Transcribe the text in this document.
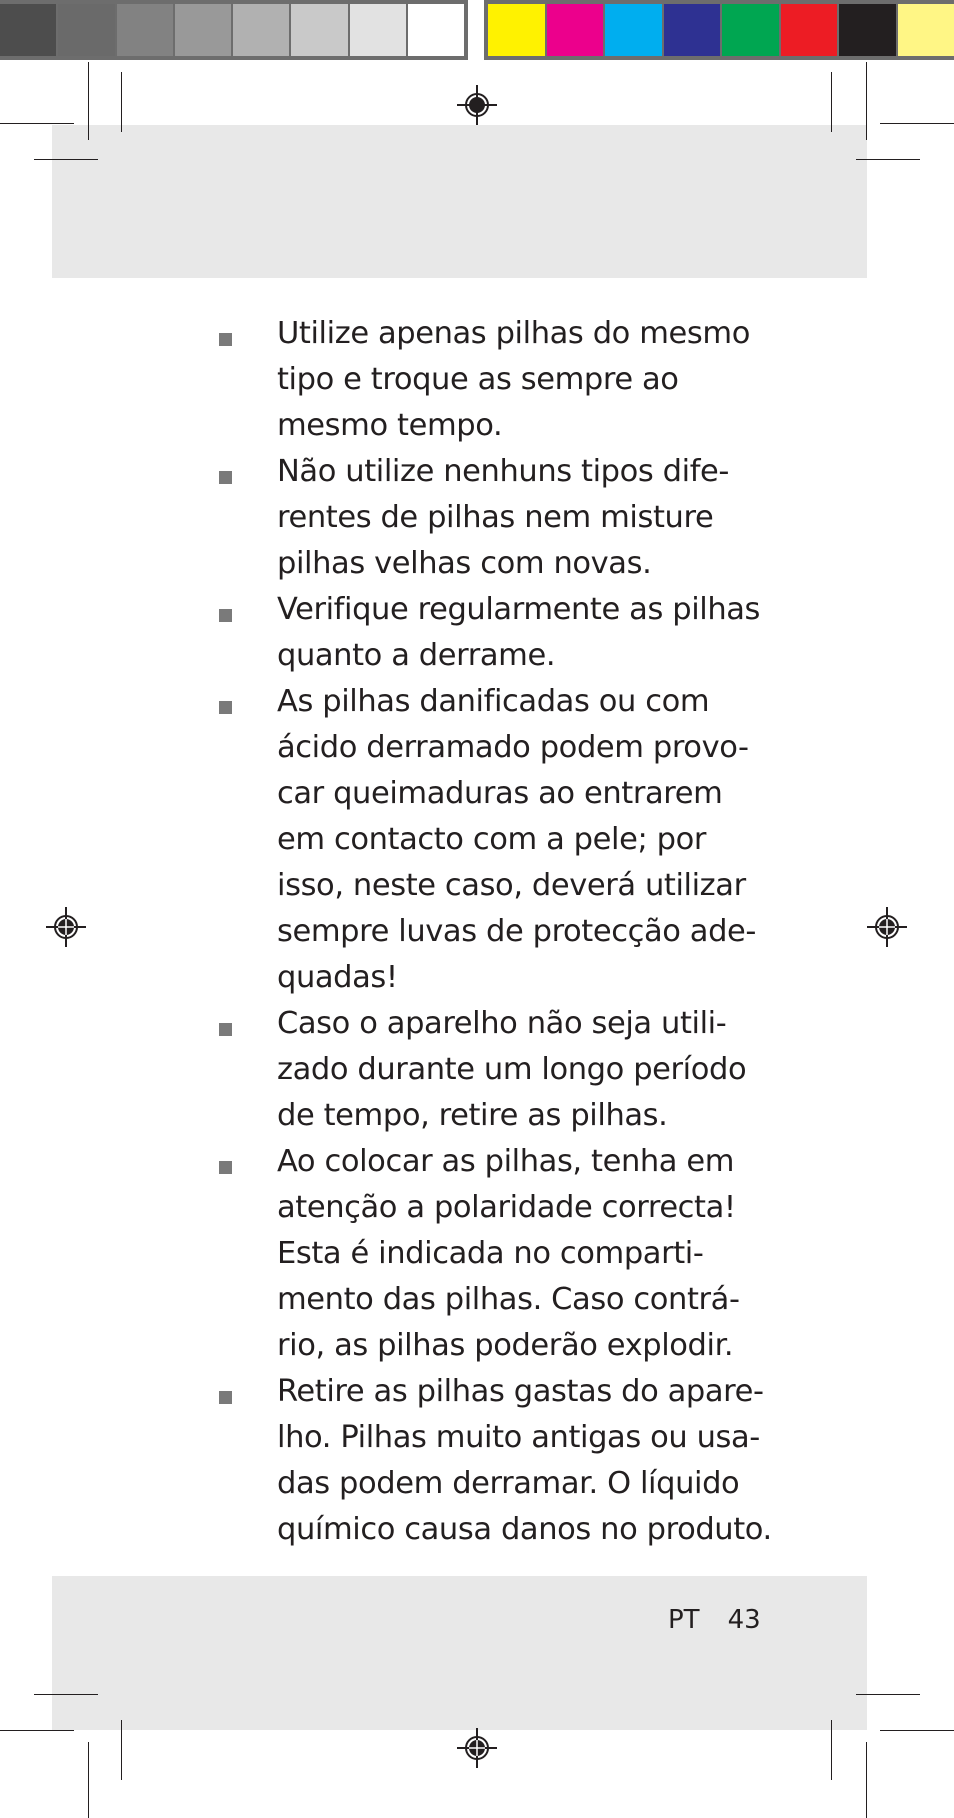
Utilize apenas pilhas do mesmo
tipo e troque as sempre ao
mesmo tempo.
Não utilize nenhuns tipos dife-
rentes de pilhas nem misture
pilhas velhas com novas.
Verifique regularmente as pilhas
quanto a derrame.
As pilhas danificadas ou com
ácido derramado podem provo-
car queimaduras ao entrarem
em contacto com a pele; por
isso, neste caso, deverá utilizar
sempre luvas de protecção ade-
quadas!
Caso o aparelho não seja utili-
zado durante um longo período
de tempo, retire as pilhas.
Ao colocar as pilhas, tenha em
atenção a polaridade correcta!
Esta é indicada no comparti-
mento das pilhas. Caso contrá-
rio, as pilhas poderão explodir.
Retire as pilhas gastas do apare-
lho. Pilhas muito antigas ou usa-
das podem derramar. O líquido
químico causa danos no produto.
PT 43
